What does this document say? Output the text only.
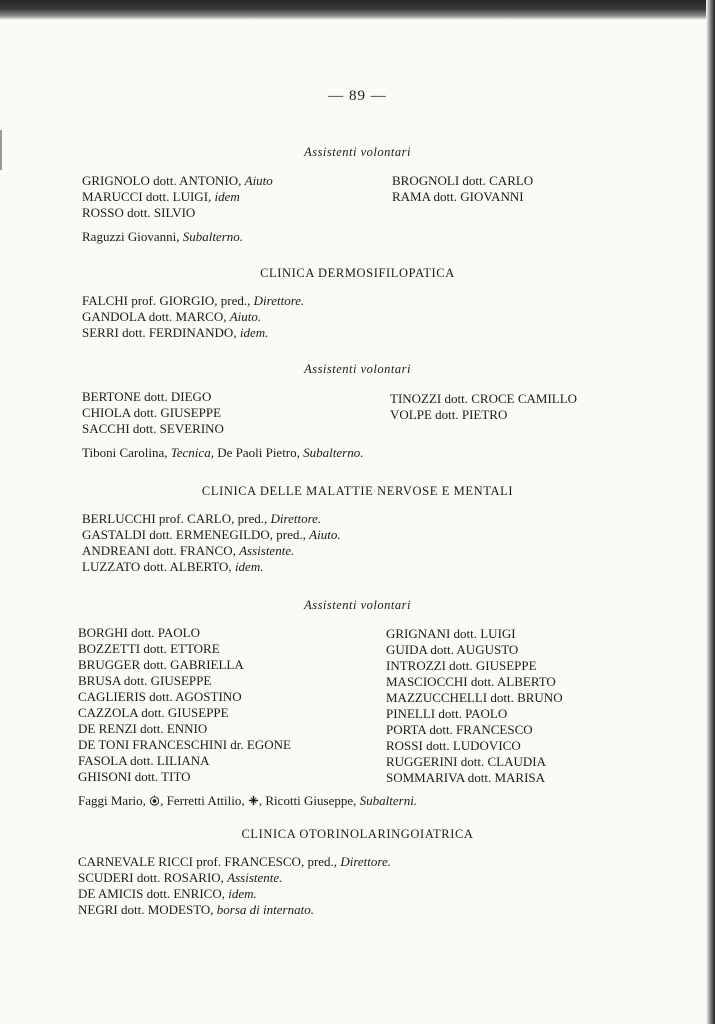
— 89 —
Assistenti volontari
GRIGNOLO dott. ANTONIO, Aiuto
MARUCCI dott. LUIGI, idem
ROSSO dott. SILVIO
BROGNOLI dott. CARLO
RAMA dott. GIOVANNI
Raguzzi Giovanni, Subalterno.
CLINICA DERMOSIFILOPATICA
FALCHI prof. GIORGIO, pred., Direttore.
GANDOLA dott. MARCO, Aiuto.
SERRI dott. FERDINANDO, idem.
Assistenti volontari
BERTONE dott. DIEGO
CHIOLA dott. GIUSEPPE
SACCHI dott. SEVERINO
TINOZZI dott. CROCE CAMILLO
VOLPE dott. PIETRO
Tiboni Carolina, Tecnica, De Paoli Pietro, Subalterno.
CLINICA DELLE MALATTIE NERVOSE E MENTALI
BERLUCCHI prof. CARLO, pred., Direttore.
GASTALDI dott. ERMENEGILDO, pred., Aiuto.
ANDREANI dott. FRANCO, Assistente.
LUZZATO dott. ALBERTO, idem.
Assistenti volontari
BORGHI dott. PAOLO
BOZZETTI dott. ETTORE
BRUGGER dott. GABRIELLA
BRUSA dott. GIUSEPPE
CAGLIERIS dott. AGOSTINO
CAZZOLA dott. GIUSEPPE
DE RENZI dott. ENNIO
DE TONI FRANCESCHINI dr. EGONE
FASOLA dott. LILIANA
GHISONI dott. TITO
GRIGNANI dott. LUIGI
GUIDA dott. AUGUSTO
INTROZZI dott. GIUSEPPE
MASCIOCCHI dott. ALBERTO
MAZZUCCHELLI dott. BRUNO
PINELLI dott. PAOLO
PORTA dott. FRANCESCO
ROSSI dott. LUDOVICO
RUGGERINI dott. CLAUDIA
SOMMARIVA dott. MARISA
Faggi Mario, , Ferretti Attilio, , Ricotti Giuseppe, Subalterni.
CLINICA OTORINOLARINGOIATRICA
CARNEVALE RICCI prof. FRANCESCO, pred., Direttore.
SCUDERI dott. ROSARIO, Assistente.
DE AMICIS dott. ENRICO, idem.
NEGRI dott. MODESTO, borsa di internato.
